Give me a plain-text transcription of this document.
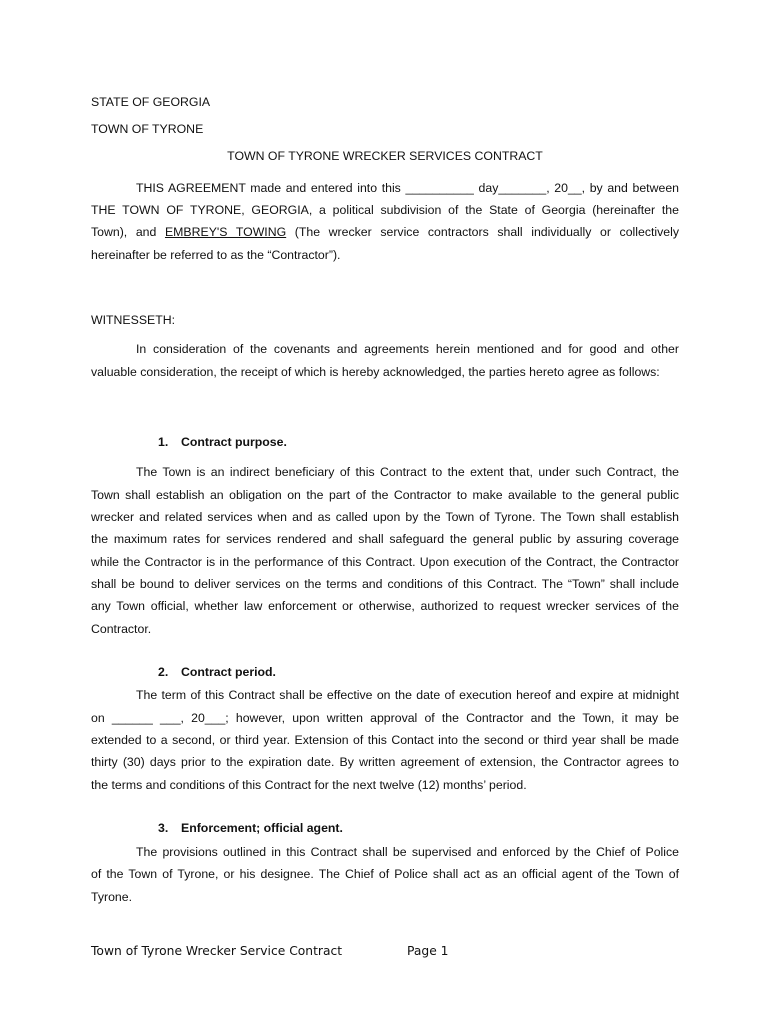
STATE OF GEORGIA
TOWN OF TYRONE
TOWN OF TYRONE WRECKER SERVICES CONTRACT
THIS AGREEMENT made and entered into this __________ day_______, 20__, by and between
THE TOWN OF TYRONE, GEORGIA, a political subdivision of the State of Georgia (hereinafter the
Town), and EMBREY'S TOWING (The wrecker service contractors shall individually or collectively
hereinafter be referred to as the “Contractor”).
WITNESSETH:
In consideration of the covenants and agreements herein mentioned and for good and other
valuable consideration, the receipt of which is hereby acknowledged, the parties hereto agree as follows:
1. Contract purpose.
The Town is an indirect beneficiary of this Contract to the extent that, under such Contract, the
Town shall establish an obligation on the part of the Contractor to make available to the general public
wrecker and related services when and as called upon by the Town of Tyrone. The Town shall establish
the maximum rates for services rendered and shall safeguard the general public by assuring coverage
while the Contractor is in the performance of this Contract. Upon execution of the Contract, the Contractor
shall be bound to deliver services on the terms and conditions of this Contract. The “Town” shall include
any Town official, whether law enforcement or otherwise, authorized to request wrecker services of the
Contractor.
2. Contract period.
The term of this Contract shall be effective on the date of execution hereof and expire at midnight
on ______ ___, 20___; however, upon written approval of the Contractor and the Town, it may be
extended to a second, or third year. Extension of this Contact into the second or third year shall be made
thirty (30) days prior to the expiration date. By written agreement of extension, the Contractor agrees to
the terms and conditions of this Contract for the next twelve (12) months’ period.
3. Enforcement; official agent.
The provisions outlined in this Contract shall be supervised and enforced by the Chief of Police
of the Town of Tyrone, or his designee. The Chief of Police shall act as an official agent of the Town of
Tyrone.
Town of Tyrone Wrecker Service Contract	Page 1
